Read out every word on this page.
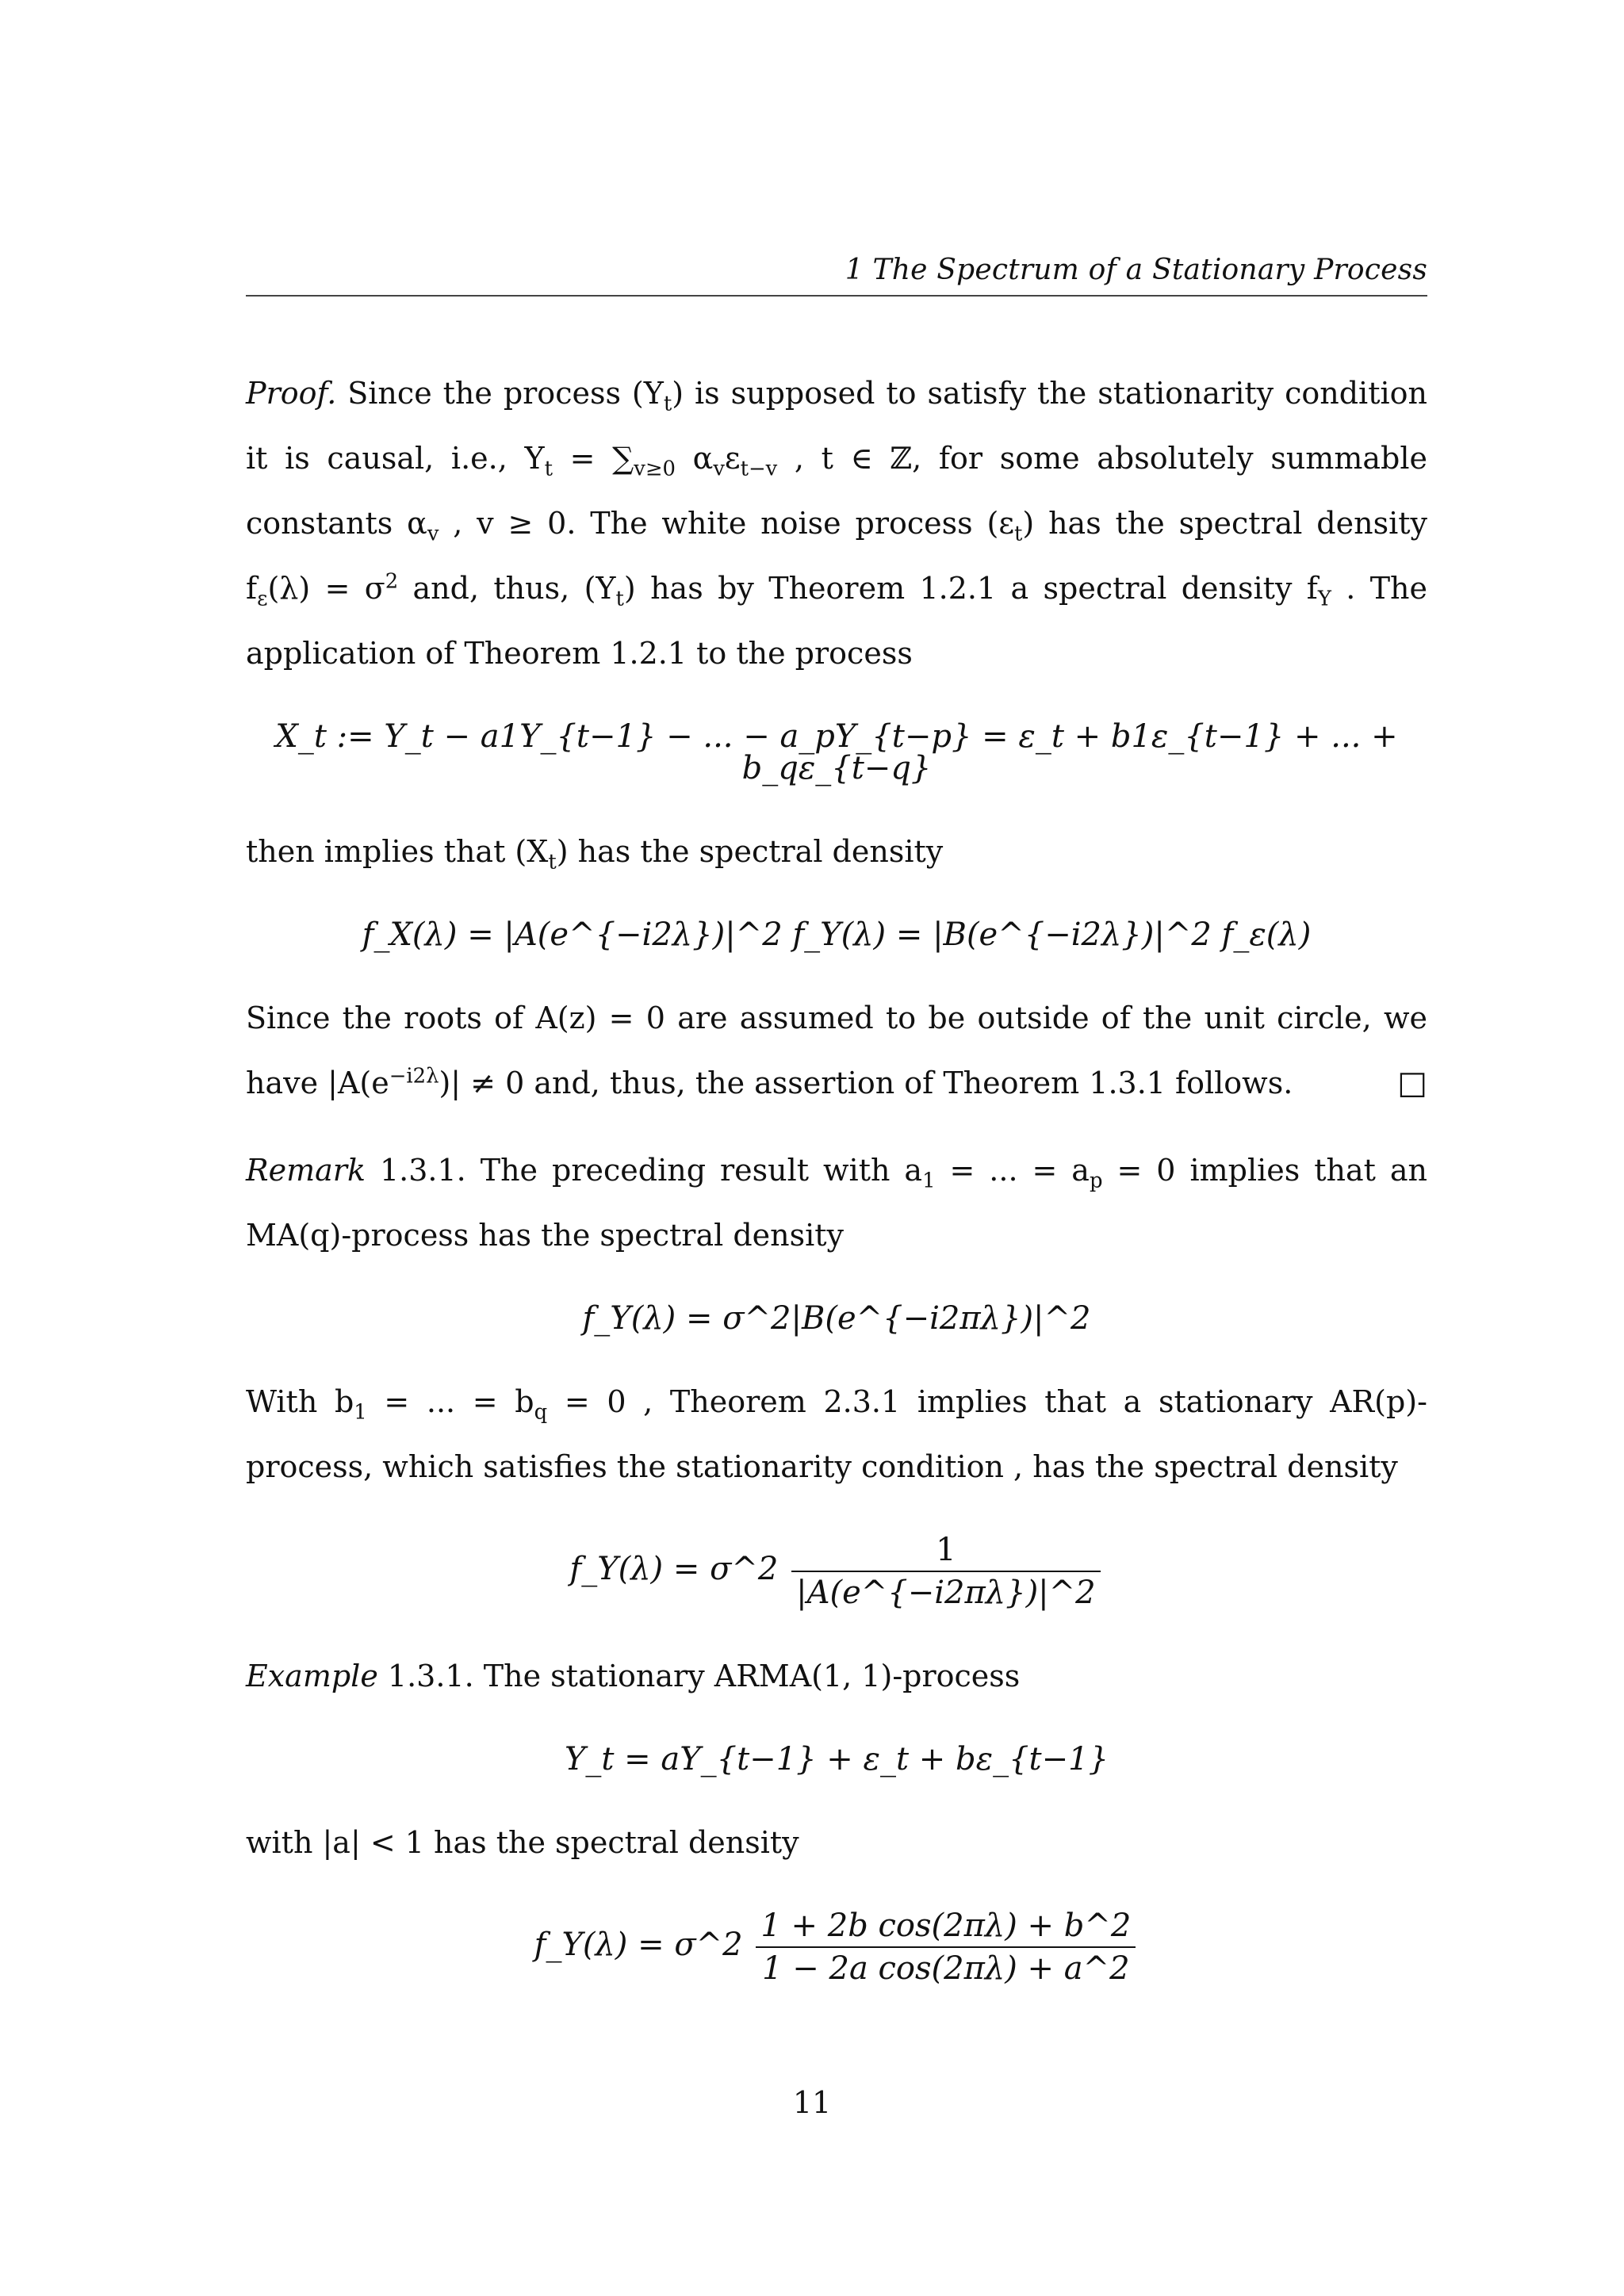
1 The Spectrum of a Stationary Process

Proof. Since the process $(Y_t)$ is supposed to satisfy the stationarity condition it is causal, i.e., $Y_t = \sum_{v\ge 0}$ $\alpha_v\varepsilon_{t-v}$ , t ∈ ℤ, for some absolutely summable constants $\alpha_v$ , v ≥ 0. The white noise process $(\varepsilon_t)$ has the spectral density $f_\varepsilon(\lambda) = \sigma^2$ and, thus, $(Y_t)$ has by Theorem 1.2.1 a spectral density $f_Y$ . The application of Theorem 1.2.1 to the process

X_t := Y_t − a1Y_{t−1} − ... − a_pY_{t−p} = ε_t + b1ε_{t−1} + ... + b_qε_{t−q}

then implies that $(X_t)$ has the spectral density

f_X(λ) = |A(e^{−i2λ})|^2 f_Y(λ) = |B(e^{−i2λ})|^2 f_ε(λ)

Since the roots of A(z) = 0 are assumed to be outside of the unit circle, we have $|A(e^{-i2\lambda})| \ne 0$ and, thus, the assertion of Theorem 1.3.1 follows.	□

Remark 1.3.1. The preceding result with $a_1$ = ... = $a_p = 0$ implies that an MA(q)-process has the spectral density

f_Y(λ) = σ^2|B(e^{−i2πλ})|^2

With $b_1$ = ... = $b_q = 0$ , Theorem 2.3.1 implies that a stationary AR(p)-process, which satisfies the stationarity condition , has the spectral density

f_Y(λ) = σ^2 $\frac{1}{|A(e\^{}\{-i2\pi\lambda\})|\^{}2}$

Example 1.3.1. The stationary ARMA(1, 1)-process

Y_t = aY_{t−1} + ε_t + bε_{t−1}

with |a| < 1 has the spectral density

f_Y(λ) = σ^2 $\frac{\text{1 + 2b cos(2πλ) + b\textasciicircum{}2}}{\text{1 − 2a cos(2πλ) + a\textasciicircum{}2}}$
11
